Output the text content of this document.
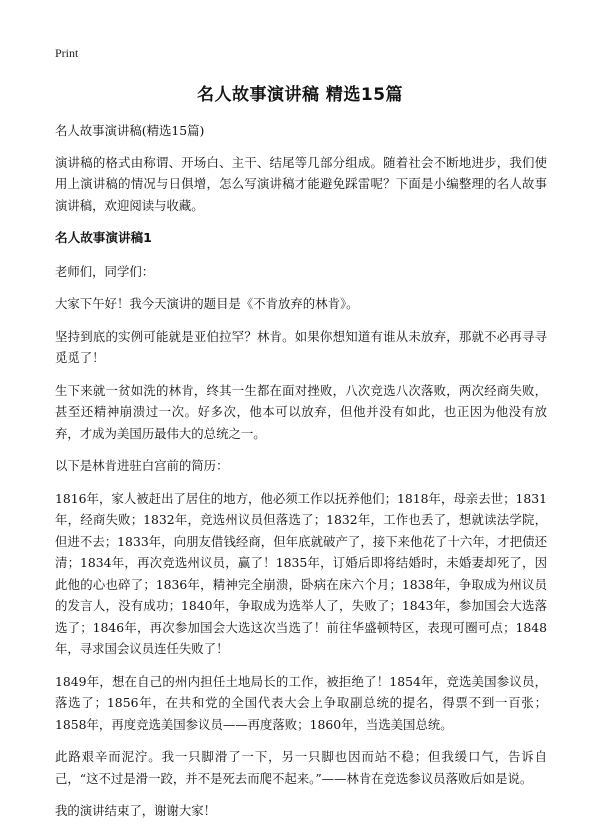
Print
名人故事演讲稿 精选15篇

名人故事演讲稿(精选15篇)

演讲稿的格式由称谓、开场白、主干、结尾等几部分组成。随着社会不断地进步，我们使用上演讲稿的情况与日俱增，怎么写演讲稿才能避免踩雷呢？下面是小编整理的名人故事演讲稿，欢迎阅读与收藏。

名人故事演讲稿1

老师们，同学们：

大家下午好！我今天演讲的题目是《不肯放弃的林肯》。

坚持到底的实例可能就是亚伯拉罕？林肯。如果你想知道有谁从未放弃，那就不必再寻寻觅觅了！

生下来就一贫如洗的林肯，终其一生都在面对挫败，八次竞选八次落败，两次经商失败，甚至还精神崩溃过一次。好多次，他本可以放弃，但他并没有如此，也正因为他没有放弃，才成为美国历最伟大的总统之一。

以下是林肯进驻白宫前的简历：

1816年，家人被赶出了居住的地方，他必须工作以抚养他们；1818年，母亲去世；1831年，经商失败；1832年，竞选州议员但落选了；1832年，工作也丢了，想就读法学院，但进不去；1833年，向朋友借钱经商，但年底就破产了，接下来他花了十六年，才把债还清；1834年，再次竞选州议员，赢了！1835年，订婚后即将结婚时，未婚妻却死了，因此他的心也碎了；1836年，精神完全崩溃，卧病在床六个月；1838年，争取成为州议员的发言人，没有成功；1840年，争取成为选举人了，失败了；1843年，参加国会大选落选了；1846年，再次参加国会大选这次当选了！前往华盛顿特区，表现可圈可点；1848年，寻求国会议员连任失败了！

1849年，想在自己的州内担任土地局长的工作，被拒绝了！1854年，竞选美国参议员，落选了；1856年，在共和党的全国代表大会上争取副总统的提名，得票不到一百张；1858年，再度竞选美国参议员——再度落败；1860年，当选美国总统。

此路艰辛而泥泞。我一只脚滑了一下，另一只脚也因而站不稳；但我缓口气，告诉自己，“这不过是滑一跤，并不是死去而爬不起来。”——林肯在竞选参议员落败后如是说。

我的演讲结束了，谢谢大家！
